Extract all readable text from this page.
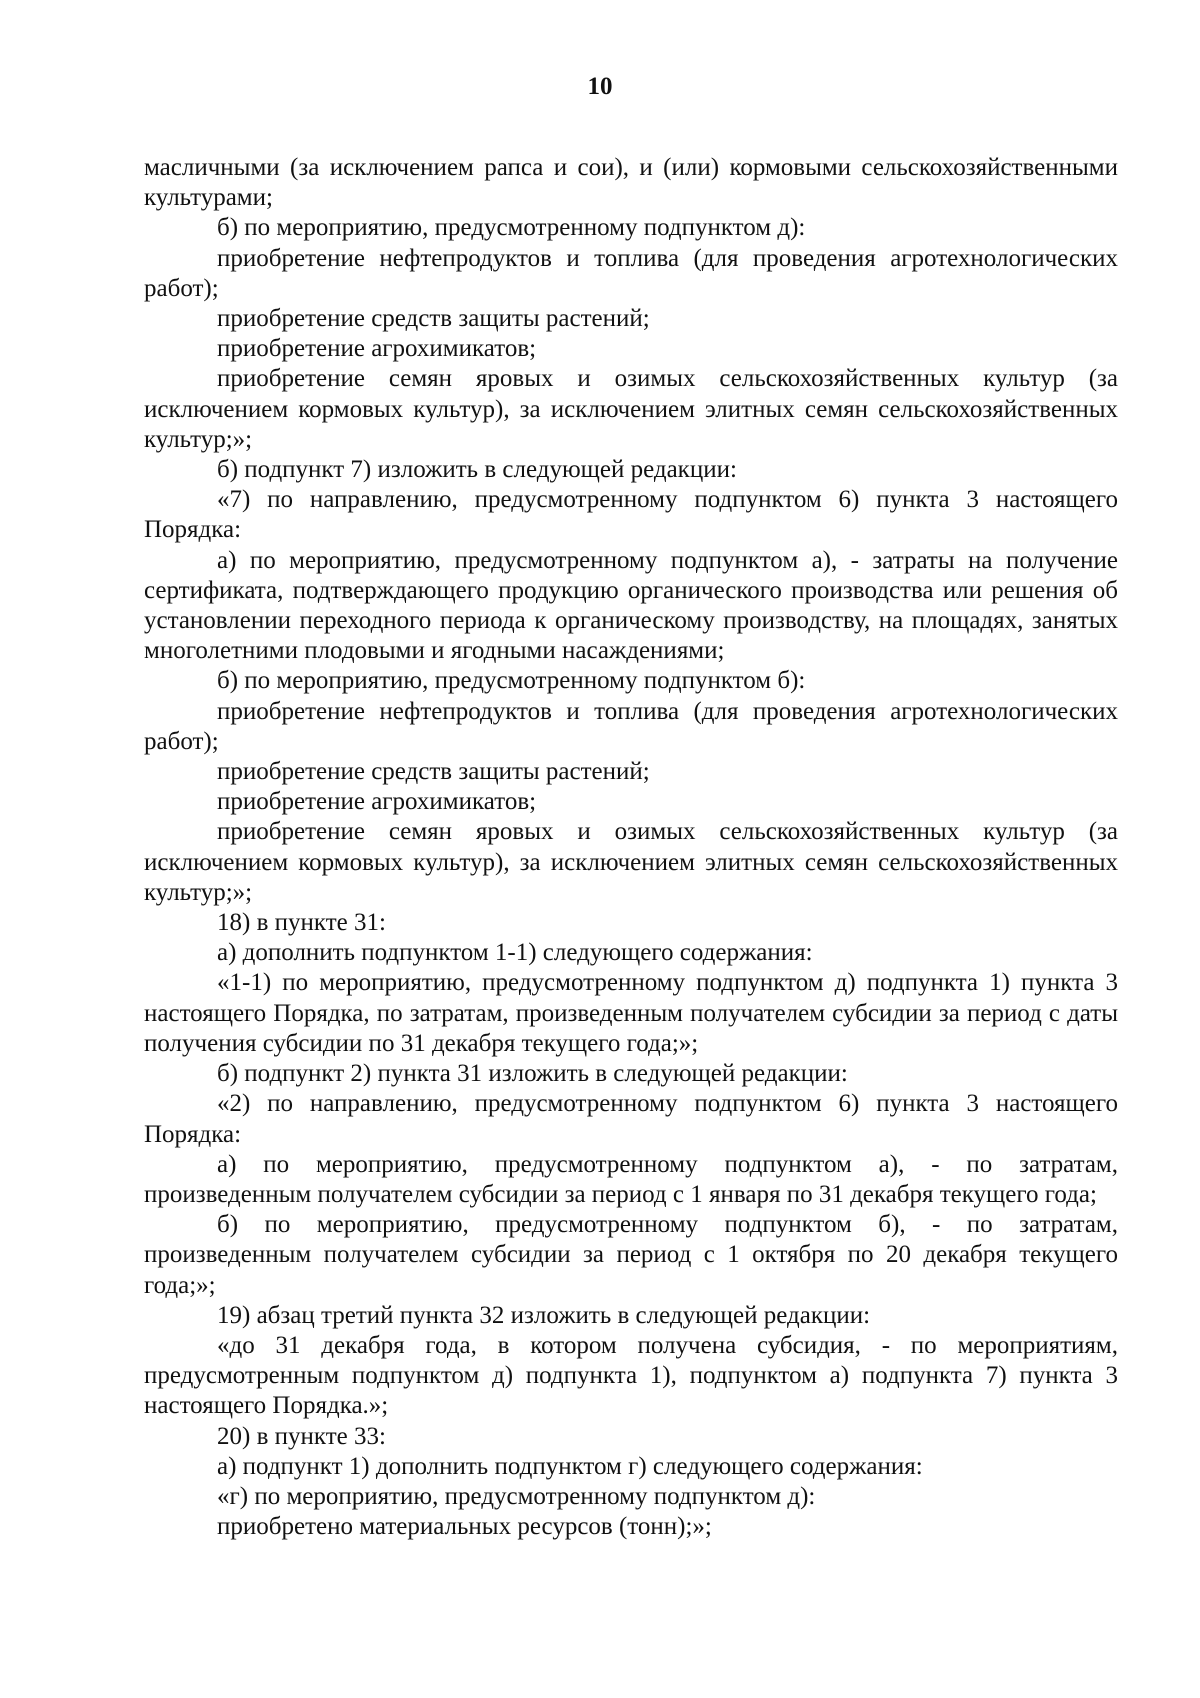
10

масличными (за исключением рапса и сои), и (или) кормовыми сельскохозяйственными культурами;

б) по мероприятию, предусмотренному подпунктом д):

приобретение нефтепродуктов и топлива (для проведения агротехнологических работ);

приобретение средств защиты растений;

приобретение агрохимикатов;

приобретение семян яровых и озимых сельскохозяйственных культур (за исключением кормовых культур), за исключением элитных семян сельскохозяйственных культур;»;

б) подпункт 7) изложить в следующей редакции:

«7) по направлению, предусмотренному подпунктом 6) пункта 3 настоящего Порядка:

а) по мероприятию, предусмотренному подпунктом а), - затраты на получение сертификата, подтверждающего продукцию органического производства или решения об установлении переходного периода к органическому производству, на площадях, занятых многолетними плодовыми и ягодными насаждениями;

б) по мероприятию, предусмотренному подпунктом б):

приобретение нефтепродуктов и топлива (для проведения агротехнологических работ);

приобретение средств защиты растений;

приобретение агрохимикатов;

приобретение семян яровых и озимых сельскохозяйственных культур (за исключением кормовых культур), за исключением элитных семян сельскохозяйственных культур;»;

18) в пункте 31:

а) дополнить подпунктом 1-1) следующего содержания:

«1-1) по мероприятию, предусмотренному подпунктом д) подпункта 1) пункта 3 настоящего Порядка, по затратам, произведенным получателем субсидии за период с даты получения субсидии по 31 декабря текущего года;»;

б) подпункт 2) пункта 31 изложить в следующей редакции:

«2) по направлению, предусмотренному подпунктом 6) пункта 3 настоящего Порядка:

а) по мероприятию, предусмотренному подпунктом а), - по затратам, произведенным получателем субсидии за период с 1 января по 31 декабря текущего года;

б) по мероприятию, предусмотренному подпунктом б), - по затратам, произведенным получателем субсидии за период с 1 октября по 20 декабря текущего года;»;

19) абзац третий пункта 32 изложить в следующей редакции:

«до 31 декабря года, в котором получена субсидия, - по мероприятиям, предусмотренным подпунктом д) подпункта 1), подпунктом а) подпункта 7) пункта 3 настоящего Порядка.»;

20) в пункте 33:

а) подпункт 1) дополнить подпунктом г) следующего содержания:

«г) по мероприятию, предусмотренному подпунктом д):

приобретено материальных ресурсов (тонн);»;
